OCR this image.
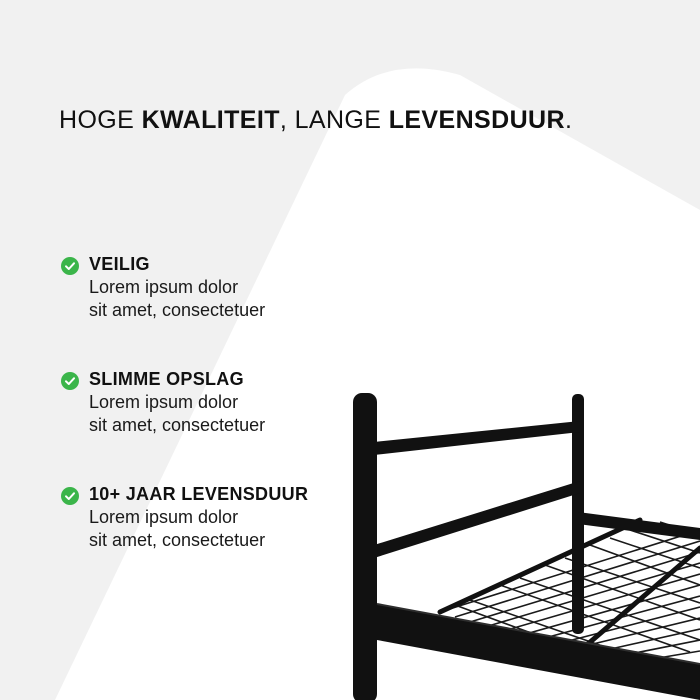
HOGE KWALITEIT, LANGE LEVENSDUUR.

VEILIG

Lorem ipsum dolor
sit amet, consectetuer

SLIMME OPSLAG

Lorem ipsum dolor
sit amet, consectetuer

10+ JAAR LEVENSDUUR

Lorem ipsum dolor
sit amet, consectetuer
